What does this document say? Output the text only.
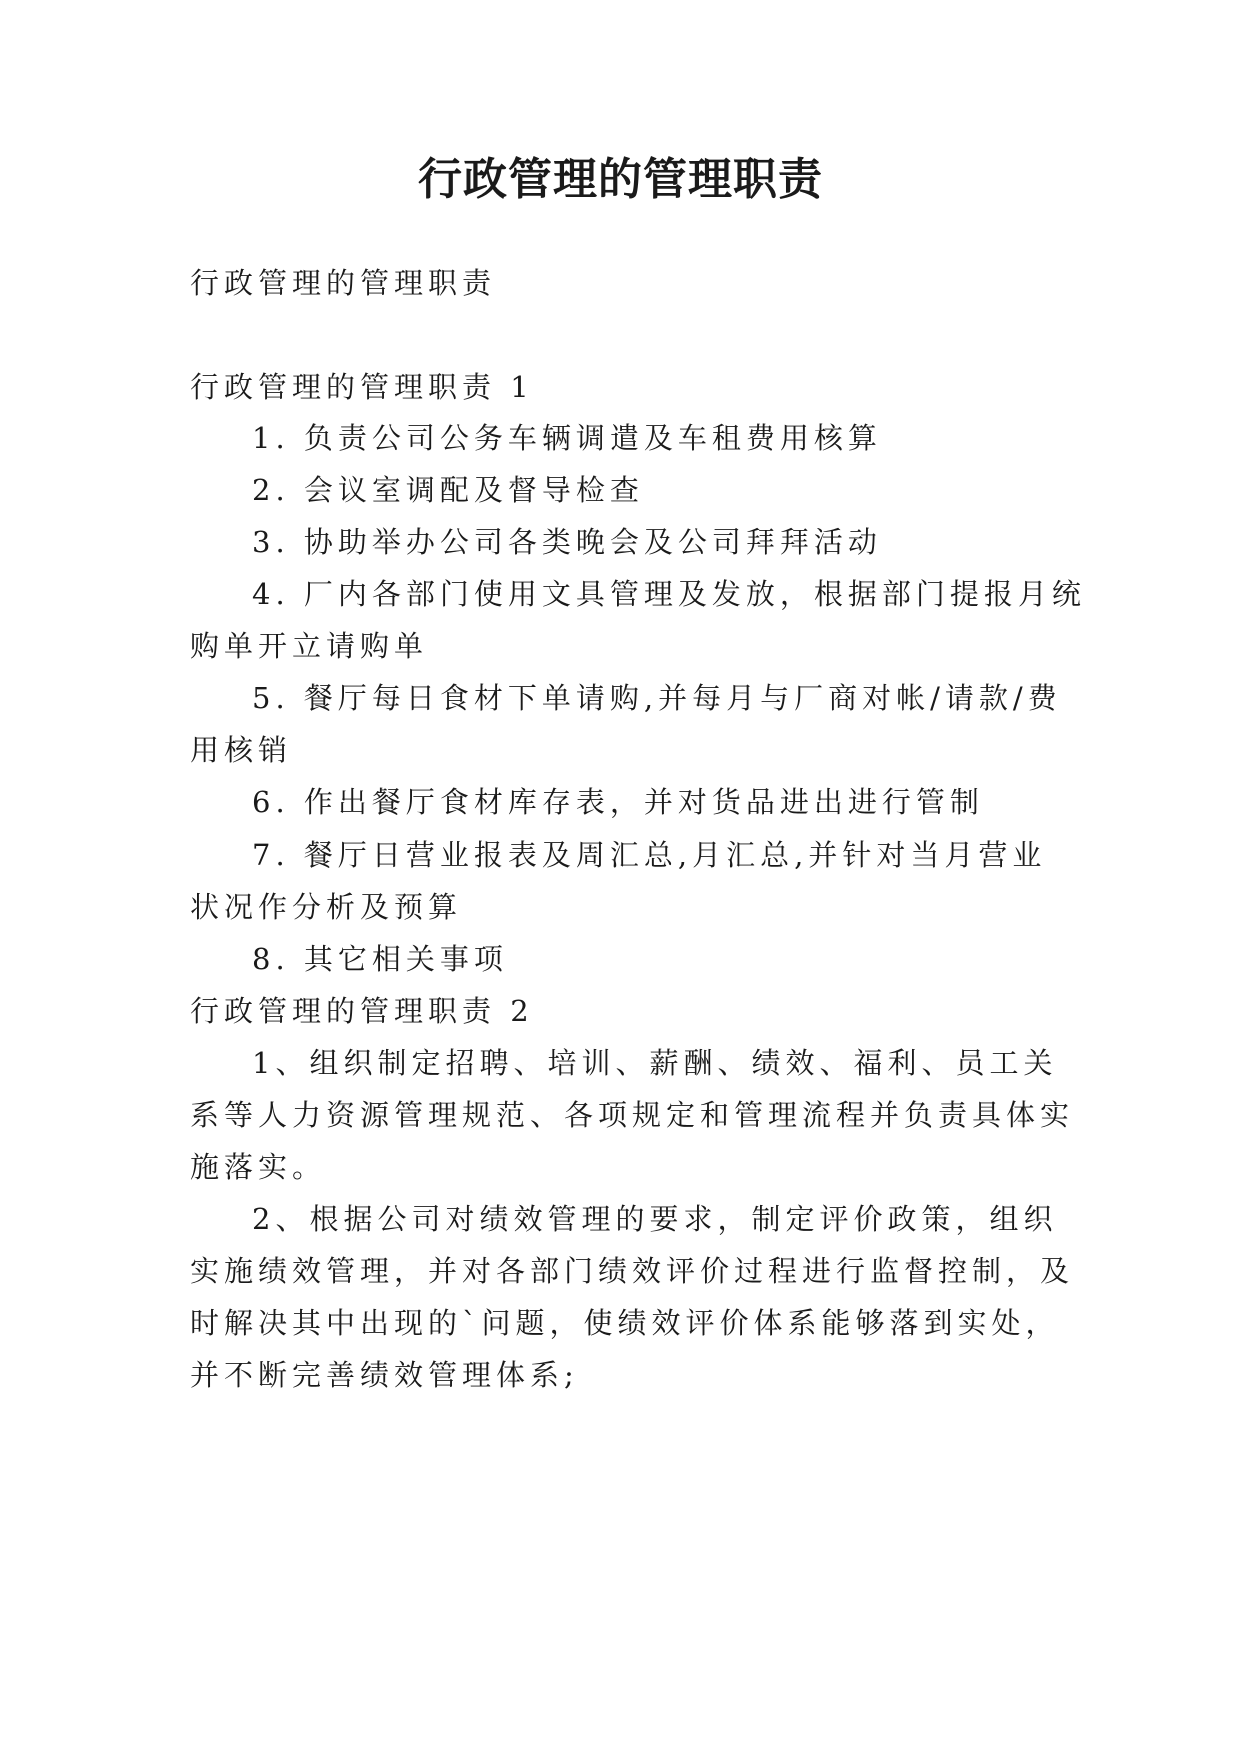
行政管理的管理职责

行政管理的管理职责

行政管理的管理职责 1

1. 负责公司公务车辆调遣及车租费用核算

2. 会议室调配及督导检查

3. 协助举办公司各类晚会及公司拜拜活动

4. 厂内各部门使用文具管理及发放，根据部门提报月统

购单开立请购单

5. 餐厅每日食材下单请购,并每月与厂商对帐/请款/费

用核销

6. 作出餐厅食材库存表，并对货品进出进行管制

7. 餐厅日营业报表及周汇总,月汇总,并针对当月营业

状况作分析及预算

8. 其它相关事项

行政管理的管理职责 2

1、组织制定招聘、培训、薪酬、绩效、福利、员工关

系等人力资源管理规范、各项规定和管理流程并负责具体实

施落实。

2、根据公司对绩效管理的要求，制定评价政策，组织

实施绩效管理，并对各部门绩效评价过程进行监督控制，及

时解决其中出现的`问题，使绩效评价体系能够落到实处，

并不断完善绩效管理体系;
